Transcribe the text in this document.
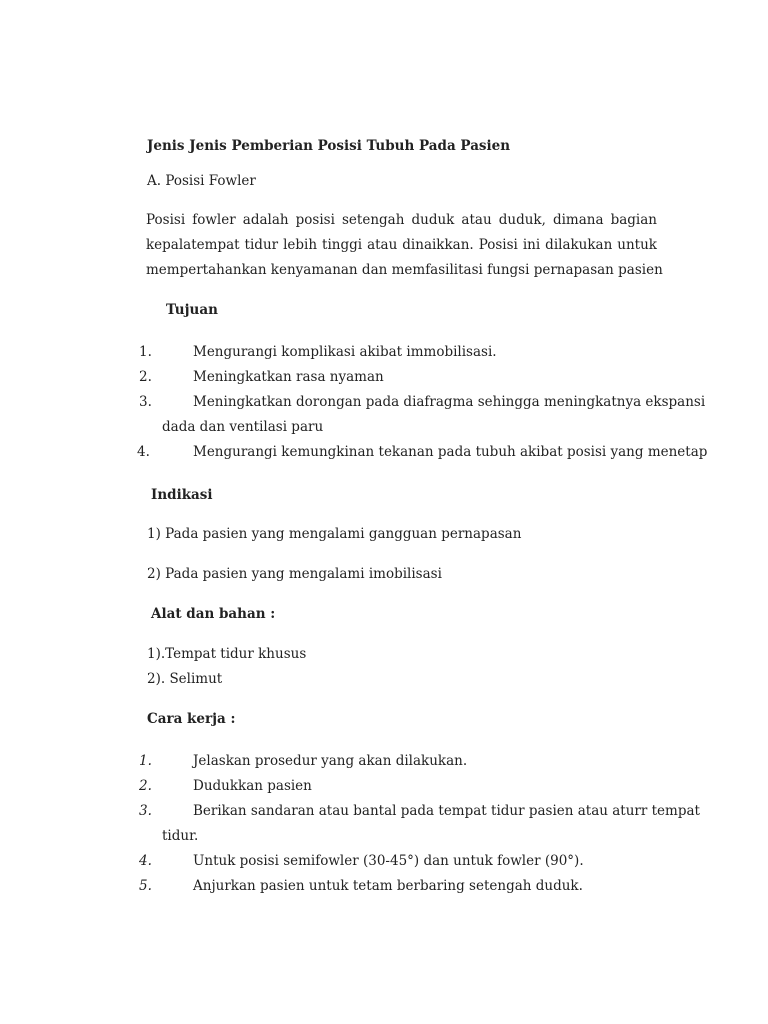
Jenis Jenis Pemberian Posisi Tubuh Pada Pasien
A. Posisi Fowler
Posisi fowler adalah posisi setengah duduk atau duduk, dimana bagian
kepalatempat tidur lebih tinggi atau dinaikkan. Posisi ini dilakukan untuk
mempertahankan kenyamanan dan memfasilitasi fungsi pernapasan pasien
Tujuan
1.	Mengurangi komplikasi akibat immobilisasi.
2.	Meningkatkan rasa nyaman
3.	Meningkatkan dorongan pada diafragma sehingga meningkatnya ekspansi
dada dan ventilasi paru
4.	Mengurangi kemungkinan tekanan pada tubuh akibat posisi yang menetap
Indikasi
1) Pada pasien yang mengalami gangguan pernapasan
2) Pada pasien yang mengalami imobilisasi
Alat dan bahan :
1).Tempat tidur khusus
2). Selimut
Cara kerja :
1.	Jelaskan prosedur yang akan dilakukan.
2.	Dudukkan pasien
3.	Berikan sandaran atau bantal pada tempat tidur pasien atau aturr tempat
tidur.
4.	Untuk posisi semifowler (30-45°) dan untuk fowler (90°).
5.	Anjurkan pasien untuk tetam berbaring setengah duduk.
